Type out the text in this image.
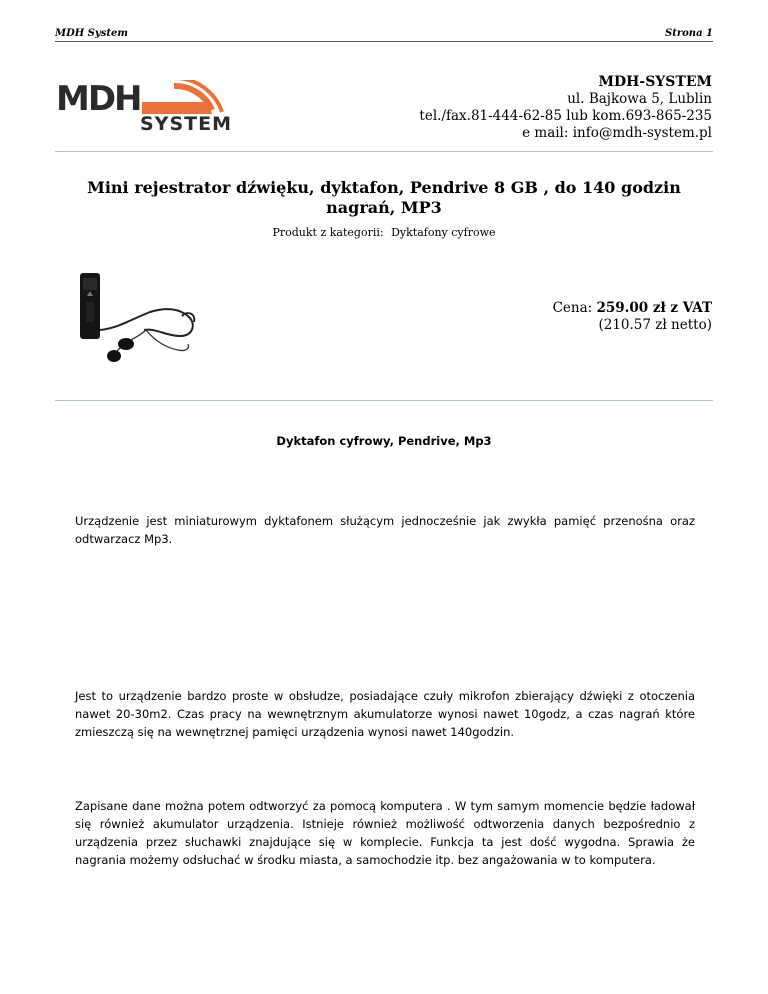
MDH System	Strona 1
MDH
SYSTEM
MDH-SYSTEM
ul. Bajkowa 5, Lublin
tel./fax.81-444-62-85 lub kom.693-865-235
e mail: info@mdh-system.pl
Mini rejestrator dźwięku, dyktafon, Pendrive 8 GB , do 140 godzin nagrań, MP3
Produkt z kategorii: Dyktafony cyfrowe
Cena: 259.00 zł z VAT
(210.57 zł netto)
Dyktafon cyfrowy, Pendrive, Mp3
Urządzenie jest miniaturowym dyktafonem służącym jednocześnie jak zwykła pamięć przenośna oraz odtwarzacz Mp3.
Jest to urządzenie bardzo proste w obsłudze, posiadające czuły mikrofon zbierający dźwięki z otoczenia nawet 20-30m2. Czas pracy na wewnętrznym akumulatorze wynosi nawet 10godz, a czas nagrań które zmieszczą się na wewnętrznej pamięci urządzenia wynosi nawet 140godzin.
Zapisane dane można potem odtworzyć za pomocą komputera . W tym samym momencie będzie ładował się również akumulator urządzenia. Istnieje również możliwość odtworzenia danych bezpośrednio z urządzenia przez słuchawki znajdujące się w komplecie. Funkcja ta jest dość wygodna. Sprawia że nagrania możemy odsłuchać w środku miasta, a samochodzie itp. bez angażowania w to komputera.
